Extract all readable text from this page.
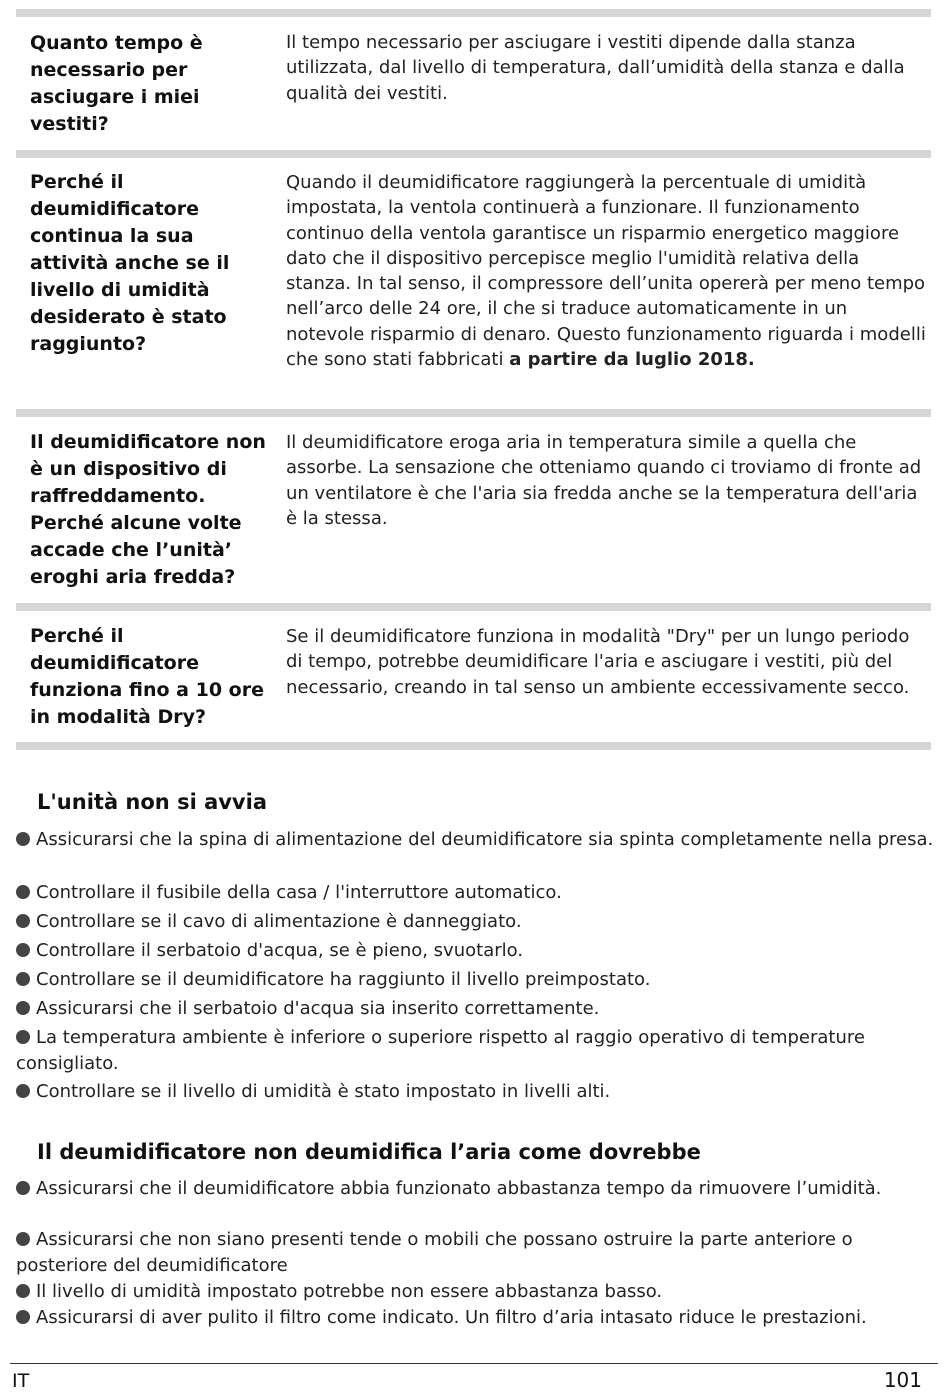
Quanto tempo è necessario per asciugare i miei vestiti?
Il tempo necessario per asciugare i vestiti dipende dalla stanza utilizzata, dal livello di temperatura, dall’umidità della stanza e dalla qualità dei vestiti.
Perché il deumidificatore continua la sua attività anche se il livello di umidità desiderato è stato raggiunto?
Quando il deumidificatore raggiungerà la percentuale di umidità impostata, la ventola continuerà a funzionare. Il funzionamento continuo della ventola garantisce un risparmio energetico maggiore dato che il dispositivo percepisce meglio l'umidità relativa della stanza. In tal senso, il compressore dell’unita opererà per meno tempo nell’arco delle 24 ore, il che si traduce automaticamente in un notevole risparmio di denaro. Questo funzionamento riguarda i modelli che sono stati fabbricati a partire da luglio 2018.
Il deumidificatore non è un dispositivo di raffreddamento. Perché alcune volte accade che l’unità’ eroghi aria fredda?
Il deumidificatore eroga aria in temperatura simile a quella che assorbe. La sensazione che otteniamo quando ci troviamo di fronte ad un ventilatore è che l'aria sia fredda anche se la temperatura dell'aria è la stessa.
Perché il deumidificatore funziona fino a 10 ore in modalità Dry?
Se il deumidificatore funziona in modalità "Dry" per un lungo periodo di tempo, potrebbe deumidificare l'aria e asciugare i vestiti, più del necessario, creando in tal senso un ambiente eccessivamente secco.
L'unità non si avvia
Assicurarsi che la spina di alimentazione del deumidificatore sia spinta completamente nella presa.
Controllare il fusibile della casa / l'interruttore automatico.
Controllare se il cavo di alimentazione è danneggiato.
Controllare il serbatoio d'acqua, se è pieno, svuotarlo.
Controllare se il deumidificatore ha raggiunto il livello preimpostato.
Assicurarsi che il serbatoio d'acqua sia inserito correttamente.
La temperatura ambiente è inferiore o superiore rispetto al raggio operativo di temperature consigliato.
Controllare se il livello di umidità è stato impostato in livelli alti.
Il deumidificatore non deumidifica l’aria come dovrebbe
Assicurarsi che il deumidificatore abbia funzionato abbastanza tempo da rimuovere l’umidità.
Assicurarsi che non siano presenti tende o mobili che possano ostruire la parte anteriore o posteriore del deumidificatore
Il livello di umidità impostato potrebbe non essere abbastanza basso.
Assicurarsi di aver pulito il filtro come indicato. Un filtro d’aria intasato riduce le prestazioni.
IT	101
